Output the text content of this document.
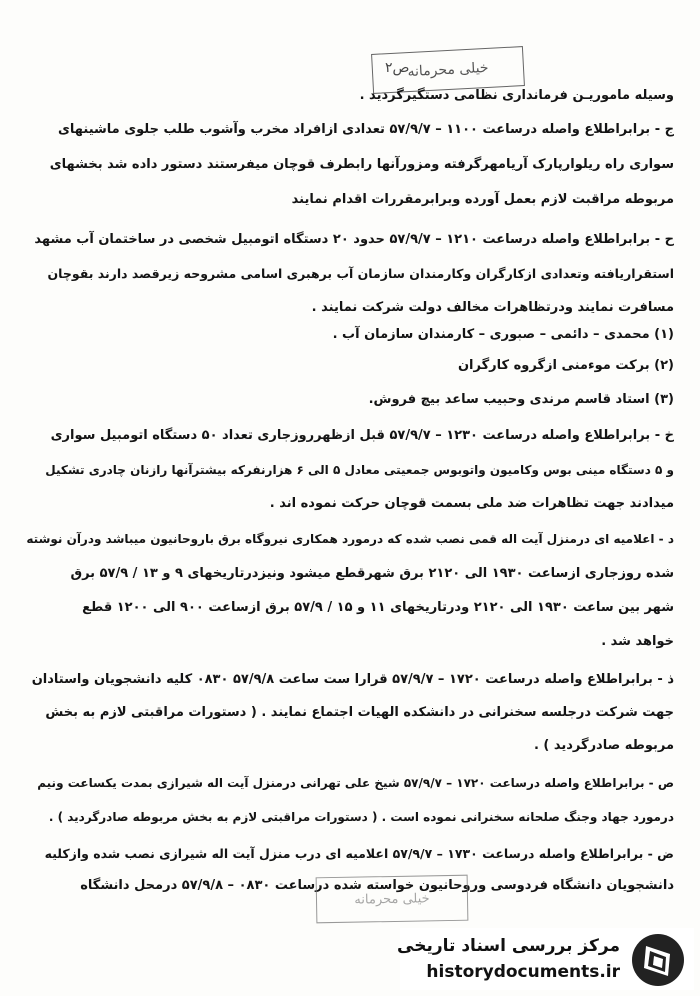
خیلی محرمانه
ص۲
وسیله ماموریـن فرمانداری نظامی دستگیرگردید .
ج - برابراطلاع واصله درساعت ۱۱۰۰ – ۵۷/۹/۷ تعدادی ازافراد مخرب وآشوب طلب جلوی ماشینهای
سواری راه ریلوارپارک آریامهرگرفته ومزورآنها رابطرف قوچان میفرستند دستور داده شد بخشهای
مربوطه مراقبت لازم بعمل آورده وبرابرمقررات اقدام نمایند
ح - برابراطلاع واصله درساعت ۱۲۱۰ – ۵۷/۹/۷ حدود ۲۰ دستگاه اتومبیل شخصی در ساختمان آب مشهد
استقراریافته وتعدادی ازکارگران وکارمندان سازمان آب برهبری اسامی مشروحه زیرقصد دارند بقوچان
مسافرت نمایند ودرتظاهرات مخالف دولت شرکت نمایند .
(۱) محمدی – دائمی – صبوری – کارمندان سازمان آب .
(۲) برکت موءمنی ازگروه کارگران
(۳) استاد قاسم مرندی وحبیب ساعد بیچ فروش.
خ - برابراطلاع واصله درساعت ۱۲۳۰ – ۵۷/۹/۷ قبل ازظهرروزجاری تعداد ۵۰ دستگاه اتومبیل سواری
و ۵ دستگاه مینی بوس وکامیون واتوبوس جمعیتی معادل ۵ الی ۶ هزارنفرکه بیشترآنها رازنان چادری تشکیل
میدادند جهت تظاهرات ضد ملی بسمت قوچان حرکت نموده اند .
د - اعلامیه ای درمنزل آیت اله قمی نصب شده که درمورد همکاری نیروگاه برق باروحانیون میباشد ودرآن نوشته
شده روزجاری ازساعت ۱۹۳۰ الی ۲۱۲۰ برق شهرقطع میشود ونیزدرتاریخهای ۹ و ۱۳ / ۵۷/۹ برق
شهر بین ساعت ۱۹۳۰ الی ۲۱۲۰ ودرتاریخهای ۱۱ و ۱۵ / ۵۷/۹ برق ازساعت ۹۰۰ الی ۱۲۰۰ قطع
خواهد شد .
ذ - برابراطلاع واصله درساعت ۱۷۲۰ – ۵۷/۹/۷ قرارا ست ساعت ۵۷/۹/۸ ۰۸۳۰ کلیه دانشجویان واستادان
جهت شرکت درجلسه سخنرانی در دانشکده الهیات اجتماع نمایند . ( دستورات مراقبتی لازم به بخش
مربوطه صادرگردید ) .
ص - برابراطلاع واصله درساعت ۱۷۲۰ – ۵۷/۹/۷ شیخ علی تهرانی درمنزل آیت اله شیرازی بمدت یکساعت ونیم
درمورد جهاد وجنگ صلحانه سخنرانی نموده است . ( دستورات مراقبتی لازم به بخش مربوطه صادرگردید ) .
ض - برابراطلاع واصله درساعت ۱۷۳۰ – ۵۷/۹/۷ اعلامیه ای درب منزل آیت اله شیرازی نصب شده وازکلیه
دانشجویان دانشگاه فردوسی وروحانیون خواسته شده درساعت ۰۸۳۰ – ۵۷/۹/۸ درمحل دانشگاه
خیلی محرمانه
مرکز بررسی اسناد تاریخی
historydocuments.ir
